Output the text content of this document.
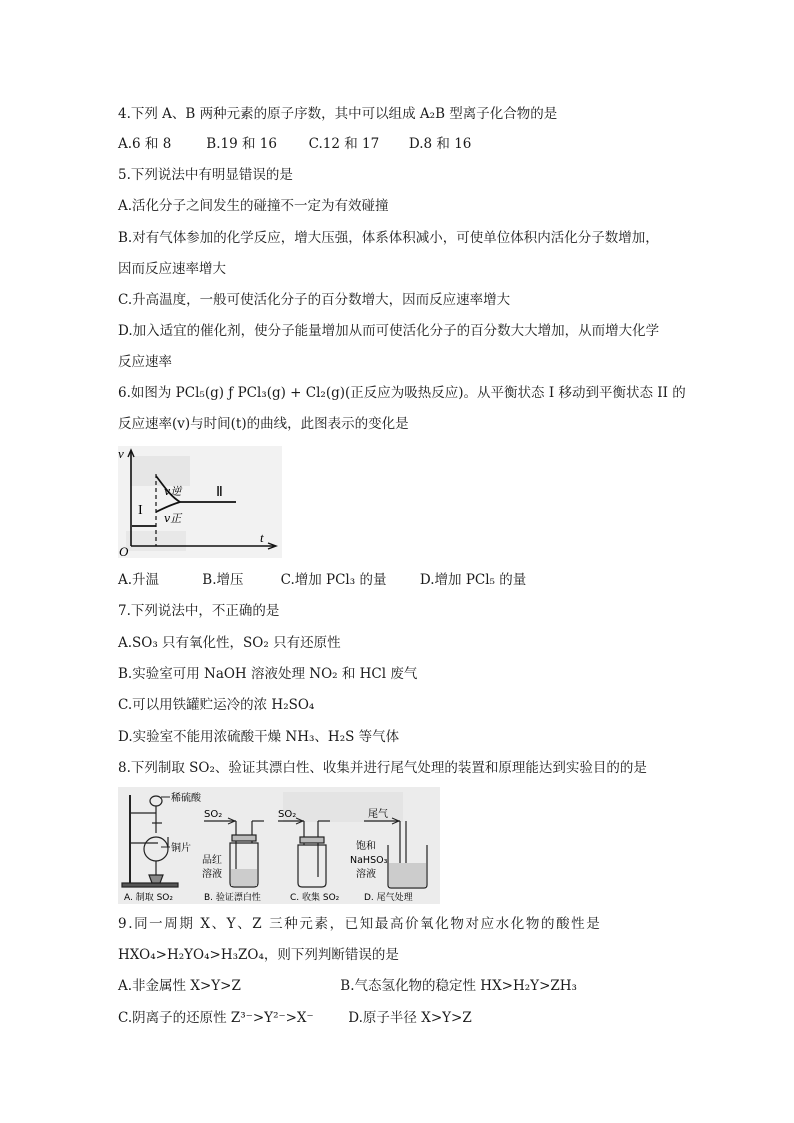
4.下列 A、B 两种元素的原子序数，其中可以组成 A₂B 型离子化合物的是
A.6 和 8	B.19 和 16 C.12 和 17 D.8 和 16
5.下列说法中有明显错误的是
A.活化分子之间发生的碰撞不一定为有效碰撞
B.对有气体参加的化学反应，增大压强，体系体积减小，可使单位体积内活化分子数增加，
因而反应速率增大
C.升高温度，一般可使活化分子的百分数增大，因而反应速率增大
D.加入适宜的催化剂，使分子能量增加从而可使活化分子的百分数大大增加，从而增大化学
反应速率
6.如图为 PCl₅(g) ƒ PCl₃(g) + Cl₂(g)(正反应为吸热反应)。从平衡状态 I 移动到平衡状态 II 的
反应速率(v)与时间(t)的曲线，此图表示的变化是
v
t
O
I
Ⅱ
v逆
v正
A.升温	B.增压	C.增加 PCl₃ 的量 D.增加 PCl₅ 的量
7.下列说法中，不正确的是
A.SO₃ 只有氧化性，SO₂ 只有还原性
B.实验室可用 NaOH 溶液处理 NO₂ 和 HCl 废气
C.可以用铁罐贮运冷的浓 H₂SO₄
D.实验室不能用浓硫酸干燥 NH₃、H₂S 等气体
8.下列制取 SO₂、验证其漂白性、收集并进行尾气处理的装置和原理能达到实验目的的是
稀硫酸
铜片
SO₂
品红
溶液
SO₂	尾气
饱和
NaHSO₃
溶液
A. 制取 SO₂	B. 验证漂白性	C. 收集 SO₂	D. 尾气处理
9.同一周期 X、Y、Z 三种元素，已知最高价氧化物对应水化物的酸性是
HXO₄>H₂YO₄>H₃ZO₄，则下列判断错误的是
A.非金属性 X>Y>Z	B.气态氢化物的稳定性 HX>H₂Y>ZH₃
C.阴离子的还原性 Z³⁻>Y²⁻>X⁻	D.原子半径 X>Y>Z
